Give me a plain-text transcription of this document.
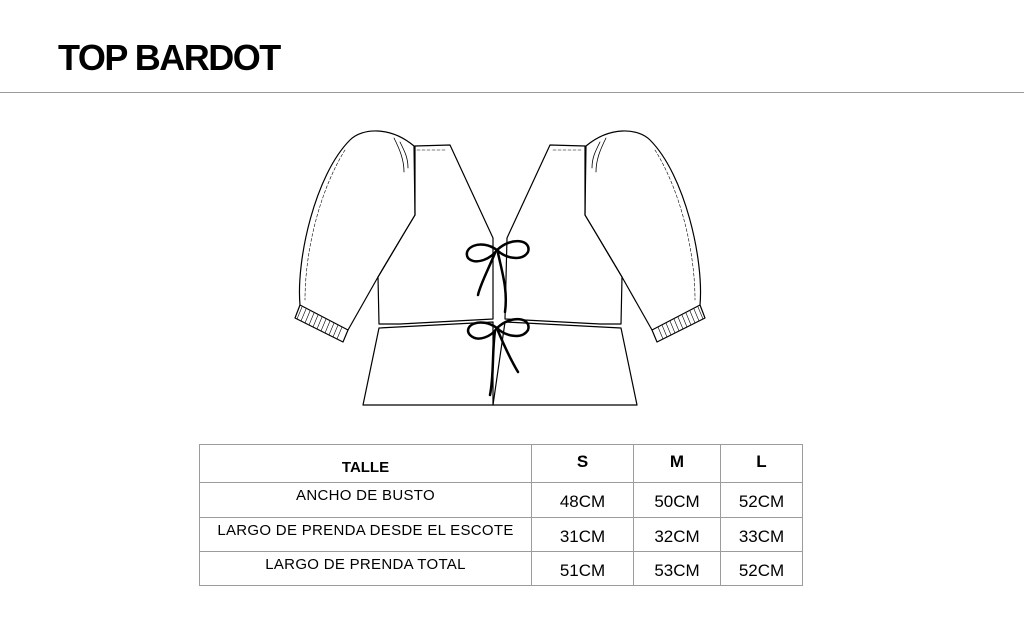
TOP BARDOT
TALLE	S	M	L
ANCHO DE BUSTO	48CM	50CM	52CM
LARGO DE PRENDA DESDE EL ESCOTE	31CM	32CM	33CM
LARGO DE PRENDA TOTAL	51CM	53CM	52CM
